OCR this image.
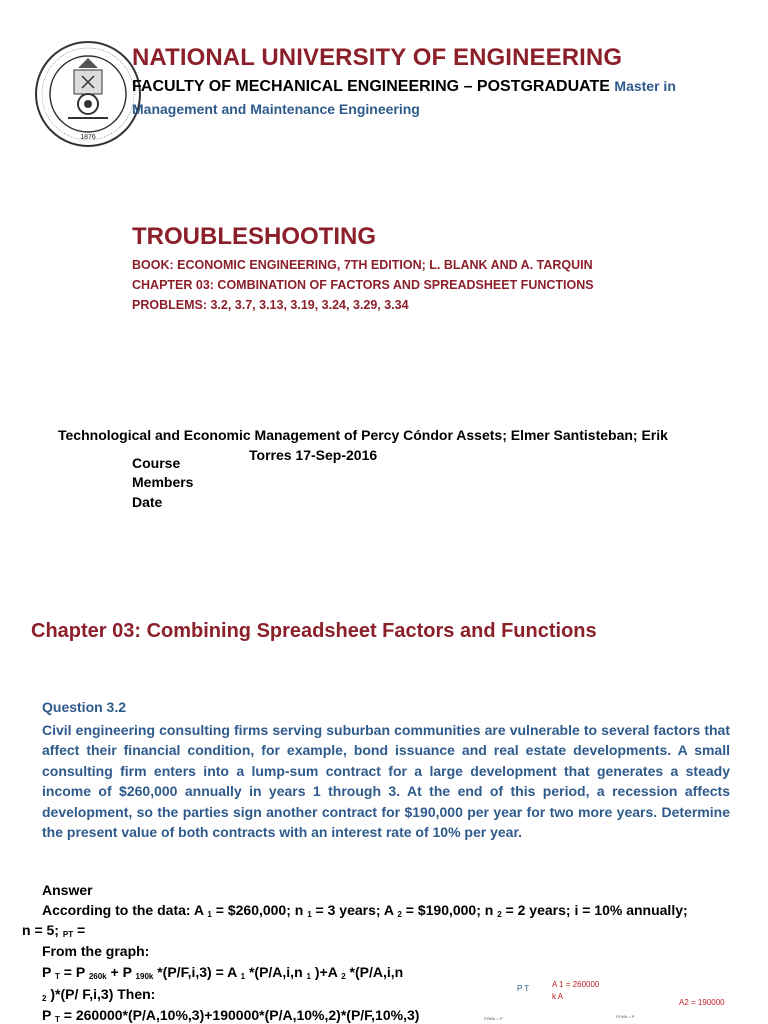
1876
NATIONAL UNIVERSITY OF ENGINEERING
FACULTY OF MECHANICAL ENGINEERING – POSTGRADUATE Master in
Management and Maintenance Engineering
TROUBLESHOOTING
BOOK: ECONOMIC ENGINEERING, 7TH EDITION; L. BLANK AND A. TARQUIN
CHAPTER 03: COMBINATION OF FACTORS AND SPREADSHEET FUNCTIONS
PROBLEMS: 3.2, 3.7, 3.13, 3.19, 3.24, 3.29, 3.34
Technological and Economic Management of Percy Cóndor Assets; Elmer Santisteban; Erik
Torres 17-Sep-2016
Course
Members
Date
Chapter 03: Combining Spreadsheet Factors and Functions
Question 3.2
Civil engineering consulting firms serving suburban communities are vulnerable to several factors that affect their financial condition, for example, bond issuance and real estate developments. A small consulting firm enters into a lump-sum contract for a large development that generates a steady income of $260,000 annually in years 1 through 3. At the end of this period, a recession affects development, so the parties sign another contract for $190,000 per year for two more years. Determine the present value of both contracts with an interest rate of 10% per year.
Answer
According to the data: A $_1$ = $260,000; n $_1$ = 3 years; A $_2$ = $190,000; n $_2$ = 2 years; i = 10% annually;
n = 5; $_{PT}$ =
From the graph:
P $_T$ = P $_{260k}$ + P $_{190k}$ *(P/F,i,3) = A $_1$ *(P/A,i,n $_1$ )+A $_2$ *(P/A,i,n
$_2$ )*(P/ F,i,3) Then:
P $_T$ = 260000*(P/A,10%,3)+190000*(P/A,10%,2)*(P/F,10%,3)
P T	A 1 = 260000
k A
A2 = 190000
P260k = P	P190k = P
